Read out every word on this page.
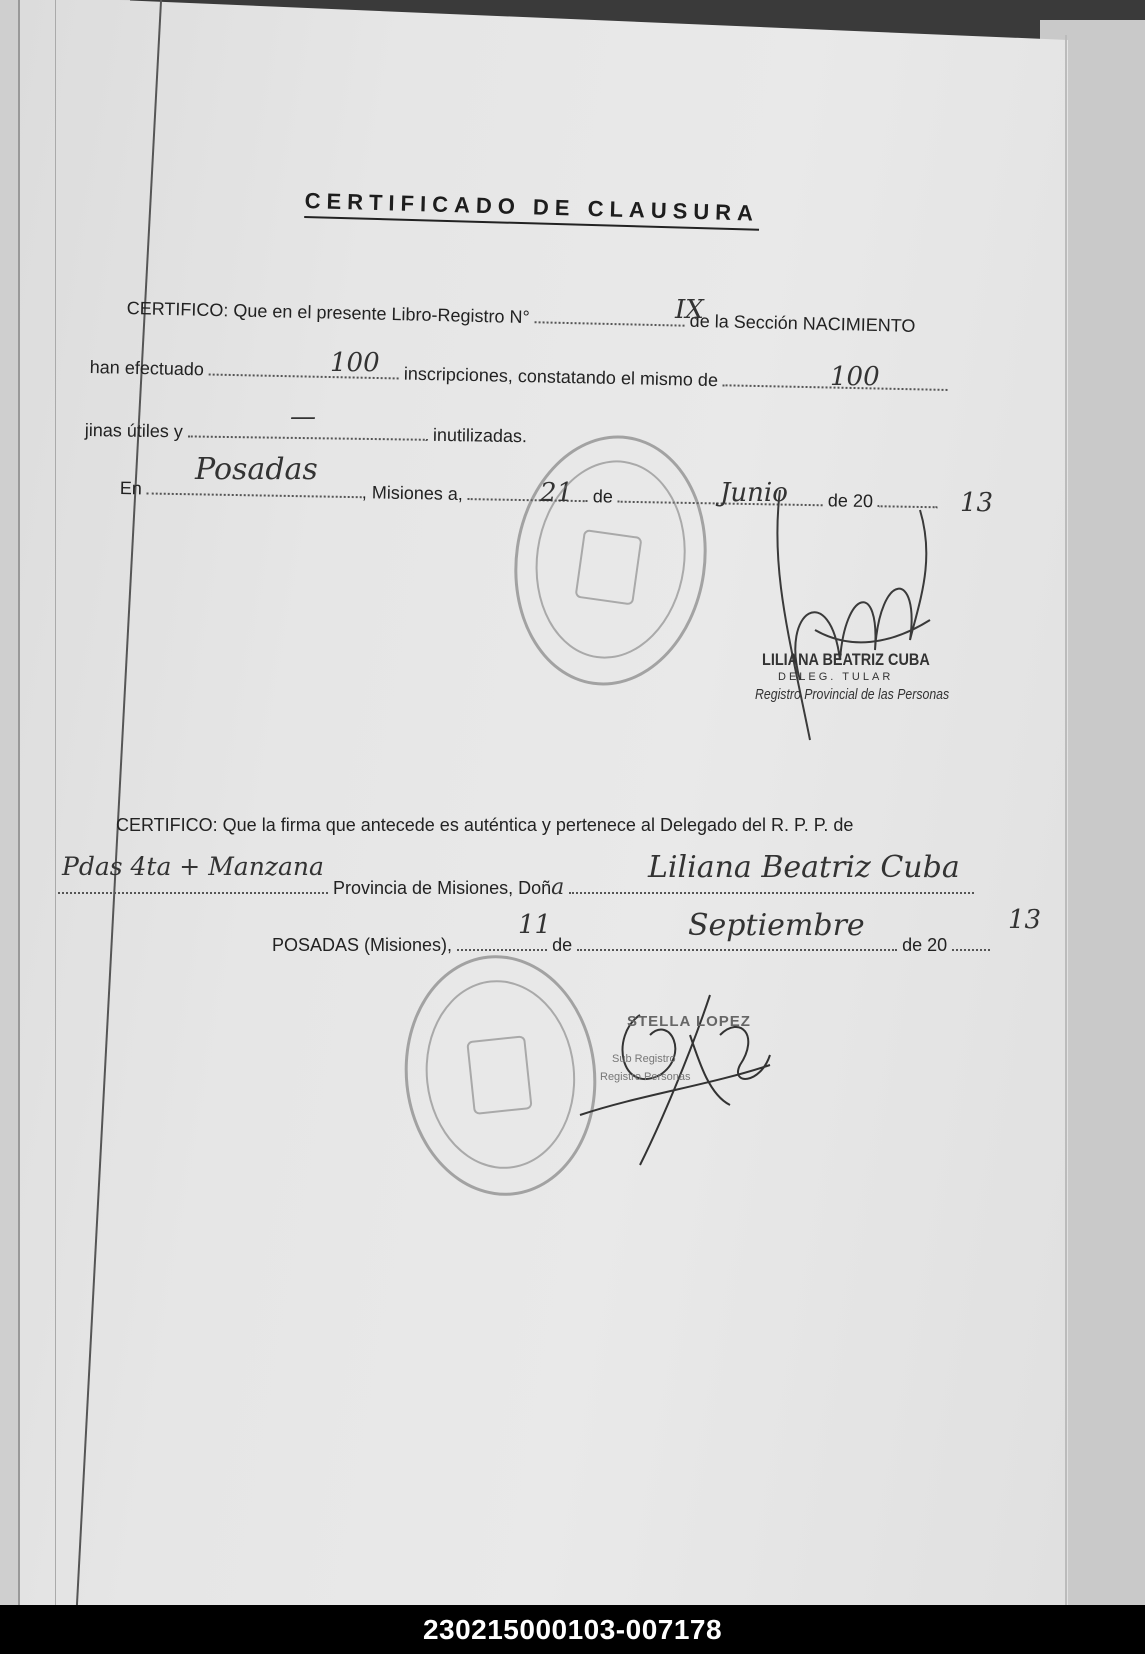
CERTIFICADO DE CLAUSURA
CERTIFICO: Que en el presente Libro-Registro N°	de la Sección NACIMIENTO
IX
han efectuado	inscripciones, constatando el mismo de
100	100
jinas útiles y	inutilizadas.
—
En	, Misiones a,	de	de 20
Posadas
21	Junio	13
LILIANA BEATRIZ CUBA
DELEG. TULAR
Registro Provincial de las Personas
CERTIFICO: Que la firma que antecede es auténtica y pertenece al Delegado del R. P. P. de
Provincia de Misiones, Doña
Pdas 4ta + Manzana	Liliana Beatriz Cuba
POSADAS (Misiones),	de	de 20
11	Septiembre	13
STELLA LOPEZ
Sub Registro
Registro Personas
230215000103-007178
